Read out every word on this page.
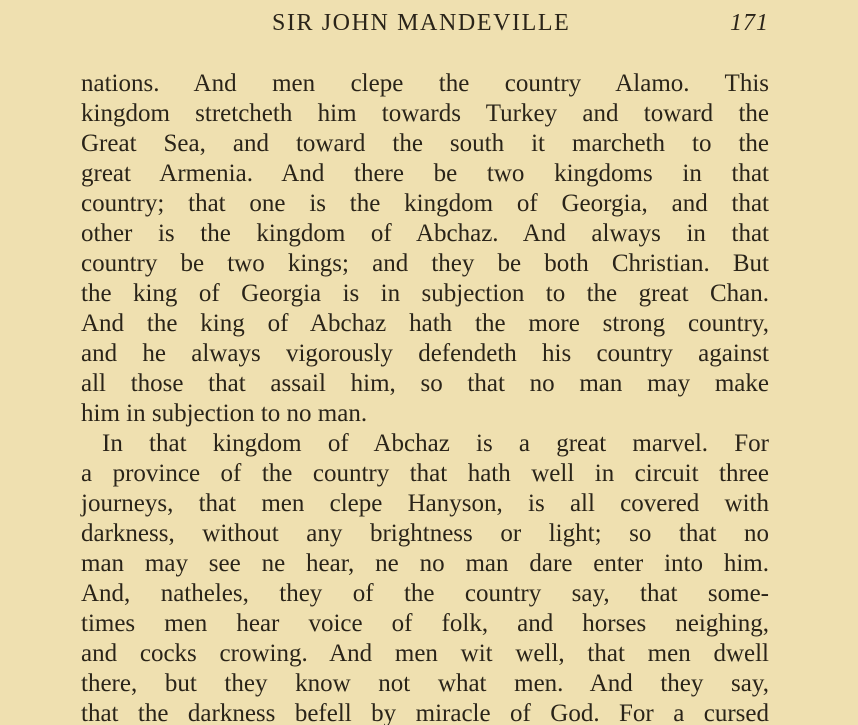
SIR JOHN MANDEVILLE	171
nations. And men clepe the country Alamo. This
kingdom stretcheth him towards Turkey and toward the
Great Sea, and toward the south it marcheth to the
great Armenia. And there be two kingdoms in that
country; that one is the kingdom of Georgia, and that
other is the kingdom of Abchaz. And always in that
country be two kings; and they be both Christian. But
the king of Georgia is in subjection to the great Chan.
And the king of Abchaz hath the more strong country,
and he always vigorously defendeth his country against
all those that assail him, so that no man may make
him in subjection to no man.
In that kingdom of Abchaz is a great marvel. For
a province of the country that hath well in circuit three
journeys, that men clepe Hanyson, is all covered with
darkness, without any brightness or light; so that no
man may see ne hear, ne no man dare enter into him.
And, natheles, they of the country say, that some-
times men hear voice of folk, and horses neighing,
and cocks crowing. And men wit well, that men dwell
there, but they know not what men. And they say,
that the darkness befell by miracle of God. For a cursed
